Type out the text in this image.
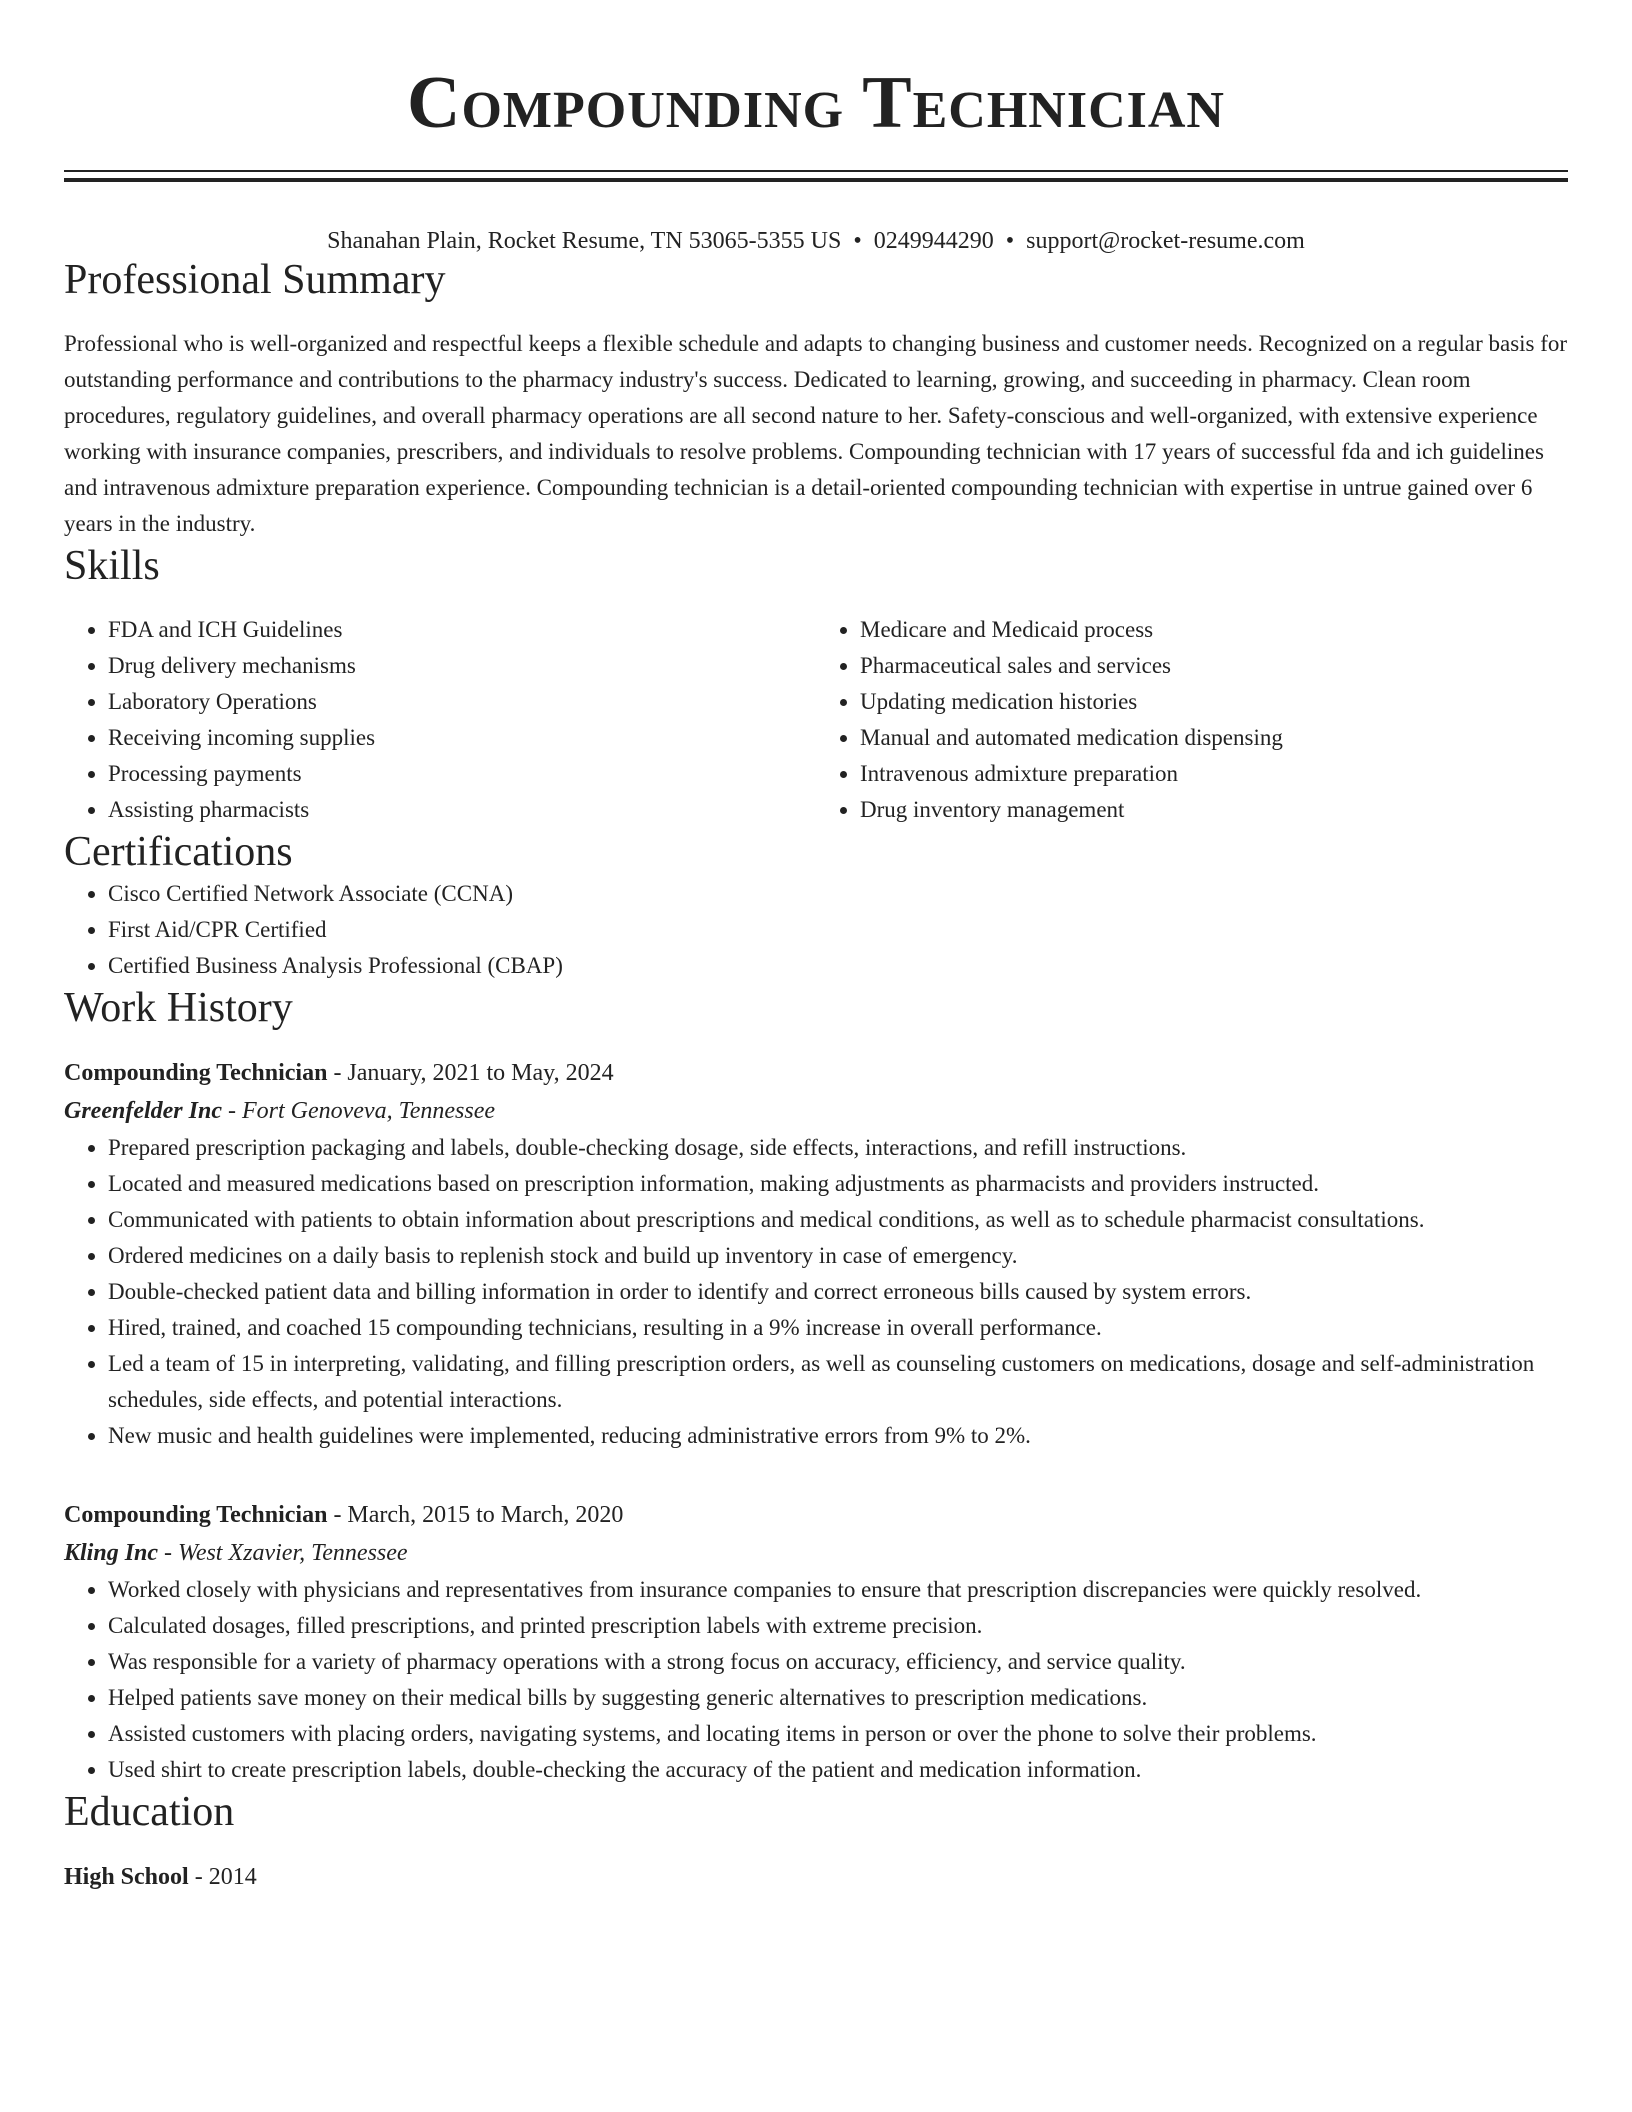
Compounding Technician
Shanahan Plain, Rocket Resume, TN 53065-5355 US • 0249944290 • support@rocket-resume.com
Professional Summary

Professional who is well-organized and respectful keeps a flexible schedule and adapts to changing business and customer needs. Recognized on a regular basis for outstanding performance and contributions to the pharmacy industry's success. Dedicated to learning, growing, and succeeding in pharmacy. Clean room procedures, regulatory guidelines, and overall pharmacy operations are all second nature to her. Safety-conscious and well-organized, with extensive experience working with insurance companies, prescribers, and individuals to resolve problems. Compounding technician with 17 years of successful fda and ich guidelines and intravenous admixture preparation experience. Compounding technician is a detail-oriented compounding technician with expertise in untrue gained over 6 years in the industry.

Skills
• FDA and ICH Guidelines
• Drug delivery mechanisms
• Laboratory Operations
• Receiving incoming supplies
• Processing payments
• Assisting pharmacists
• Medicare and Medicaid process
• Pharmaceutical sales and services
• Updating medication histories
• Manual and automated medication dispensing
• Intravenous admixture preparation
• Drug inventory management
Certifications
• Cisco Certified Network Associate (CCNA)
• First Aid/CPR Certified
• Certified Business Analysis Professional (CBAP)
Work History
Compounding Technician - January, 2021 to May, 2024
Greenfelder Inc - Fort Genoveva, Tennessee
• Prepared prescription packaging and labels, double-checking dosage, side effects, interactions, and refill instructions.
• Located and measured medications based on prescription information, making adjustments as pharmacists and providers instructed.
• Communicated with patients to obtain information about prescriptions and medical conditions, as well as to schedule pharmacist consultations.
• Ordered medicines on a daily basis to replenish stock and build up inventory in case of emergency.
• Double-checked patient data and billing information in order to identify and correct erroneous bills caused by system errors.
• Hired, trained, and coached 15 compounding technicians, resulting in a 9% increase in overall performance.
• Led a team of 15 in interpreting, validating, and filling prescription orders, as well as counseling customers on medications, dosage and self-administration schedules, side effects, and potential interactions.
• New music and health guidelines were implemented, reducing administrative errors from 9% to 2%.
Compounding Technician - March, 2015 to March, 2020
Kling Inc - West Xzavier, Tennessee
• Worked closely with physicians and representatives from insurance companies to ensure that prescription discrepancies were quickly resolved.
• Calculated dosages, filled prescriptions, and printed prescription labels with extreme precision.
• Was responsible for a variety of pharmacy operations with a strong focus on accuracy, efficiency, and service quality.
• Helped patients save money on their medical bills by suggesting generic alternatives to prescription medications.
• Assisted customers with placing orders, navigating systems, and locating items in person or over the phone to solve their problems.
• Used shirt to create prescription labels, double-checking the accuracy of the patient and medication information.
Education
High School - 2014
